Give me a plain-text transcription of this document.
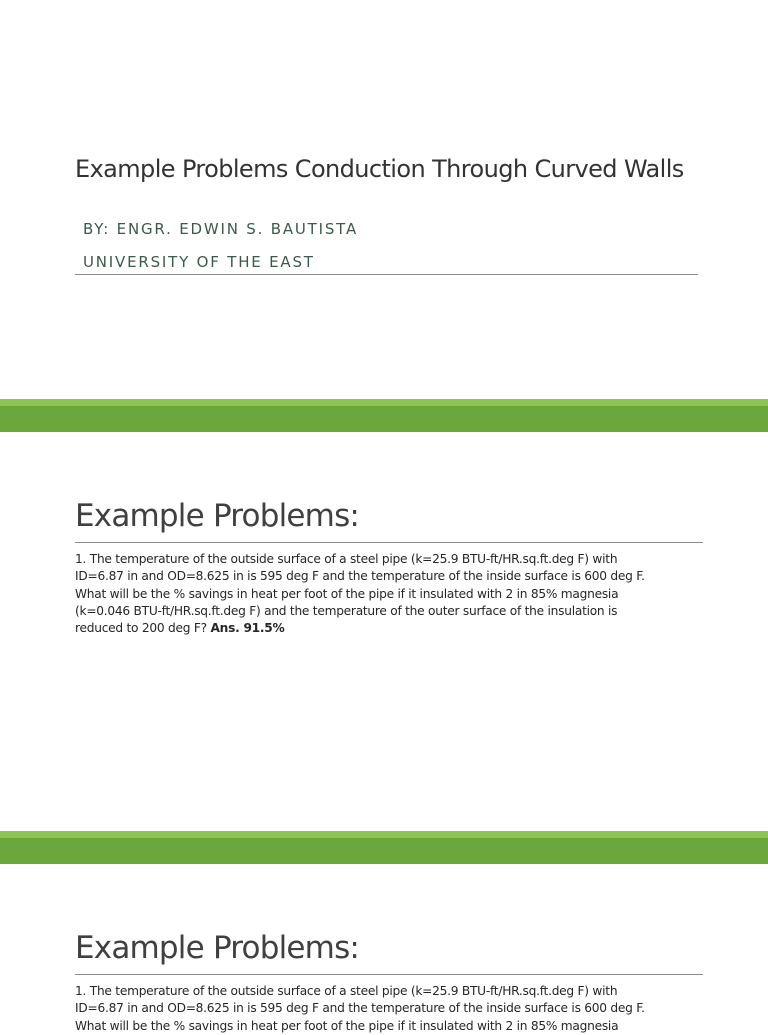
Example Problems Conduction Through Curved Walls
BY: ENGR. EDWIN S. BAUTISTA
UNIVERSITY OF THE EAST
Example Problems:
1. The temperature of the outside surface of a steel pipe (k=25.9 BTU-ft/HR.sq.ft.deg F) with
ID=6.87 in and OD=8.625 in is 595 deg F and the temperature of the inside surface is 600 deg F.
What will be the % savings in heat per foot of the pipe if it insulated with 2 in 85% magnesia
(k=0.046 BTU-ft/HR.sq.ft.deg F) and the temperature of the outer surface of the insulation is
reduced to 200 deg F? Ans. 91.5%
Example Problems:
1. The temperature of the outside surface of a steel pipe (k=25.9 BTU-ft/HR.sq.ft.deg F) with
ID=6.87 in and OD=8.625 in is 595 deg F and the temperature of the inside surface is 600 deg F.
What will be the % savings in heat per foot of the pipe if it insulated with 2 in 85% magnesia
